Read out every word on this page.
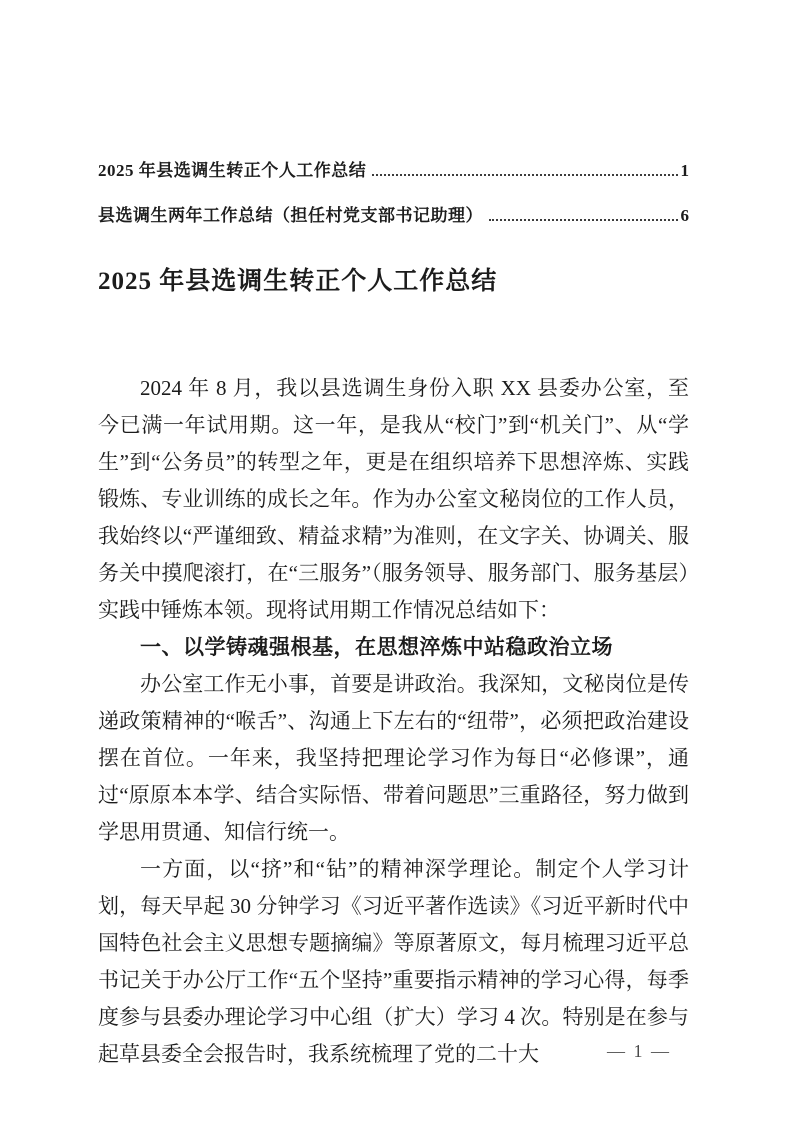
2025 年县选调生转正个人工作总结	1
县选调生两年工作总结（担任村党支部书记助理）	6
2025 年县选调生转正个人工作总结

2024 年 8 月，我以县选调生身份入职 XX 县委办公室，至今已满一年试用期。这一年，是我从“校门”到“机关门”、从“学生”到“公务员”的转型之年，更是在组织培养下思想淬炼、实践锻炼、专业训练的成长之年。作为办公室文秘岗位的工作人员，我始终以“严谨细致、精益求精”为准则，在文字关、协调关、服务关中摸爬滚打，在“三服务”（服务领导、服务部门、服务基层）实践中锤炼本领。现将试用期工作情况总结如下：

一、以学铸魂强根基，在思想淬炼中站稳政治立场

办公室工作无小事，首要是讲政治。我深知，文秘岗位是传递政策精神的“喉舌”、沟通上下左右的“纽带”，必须把政治建设摆在首位。一年来，我坚持把理论学习作为每日“必修课”，通过“原原本本学、结合实际悟、带着问题思”三重路径，努力做到学思用贯通、知信行统一。

一方面，以“挤”和“钻”的精神深学理论。制定个人学习计划，每天早起 30 分钟学习《习近平著作选读》《习近平新时代中国特色社会主义思想专题摘编》等原著原文，每月梳理习近平总书记关于办公厅工作“五个坚持”重要指示精神的学习心得，每季度参与县委办理论学习中心组（扩大）学习 4 次。特别是在参与起草县委全会报告时，我系统梳理了党的二十大	— 1 —
